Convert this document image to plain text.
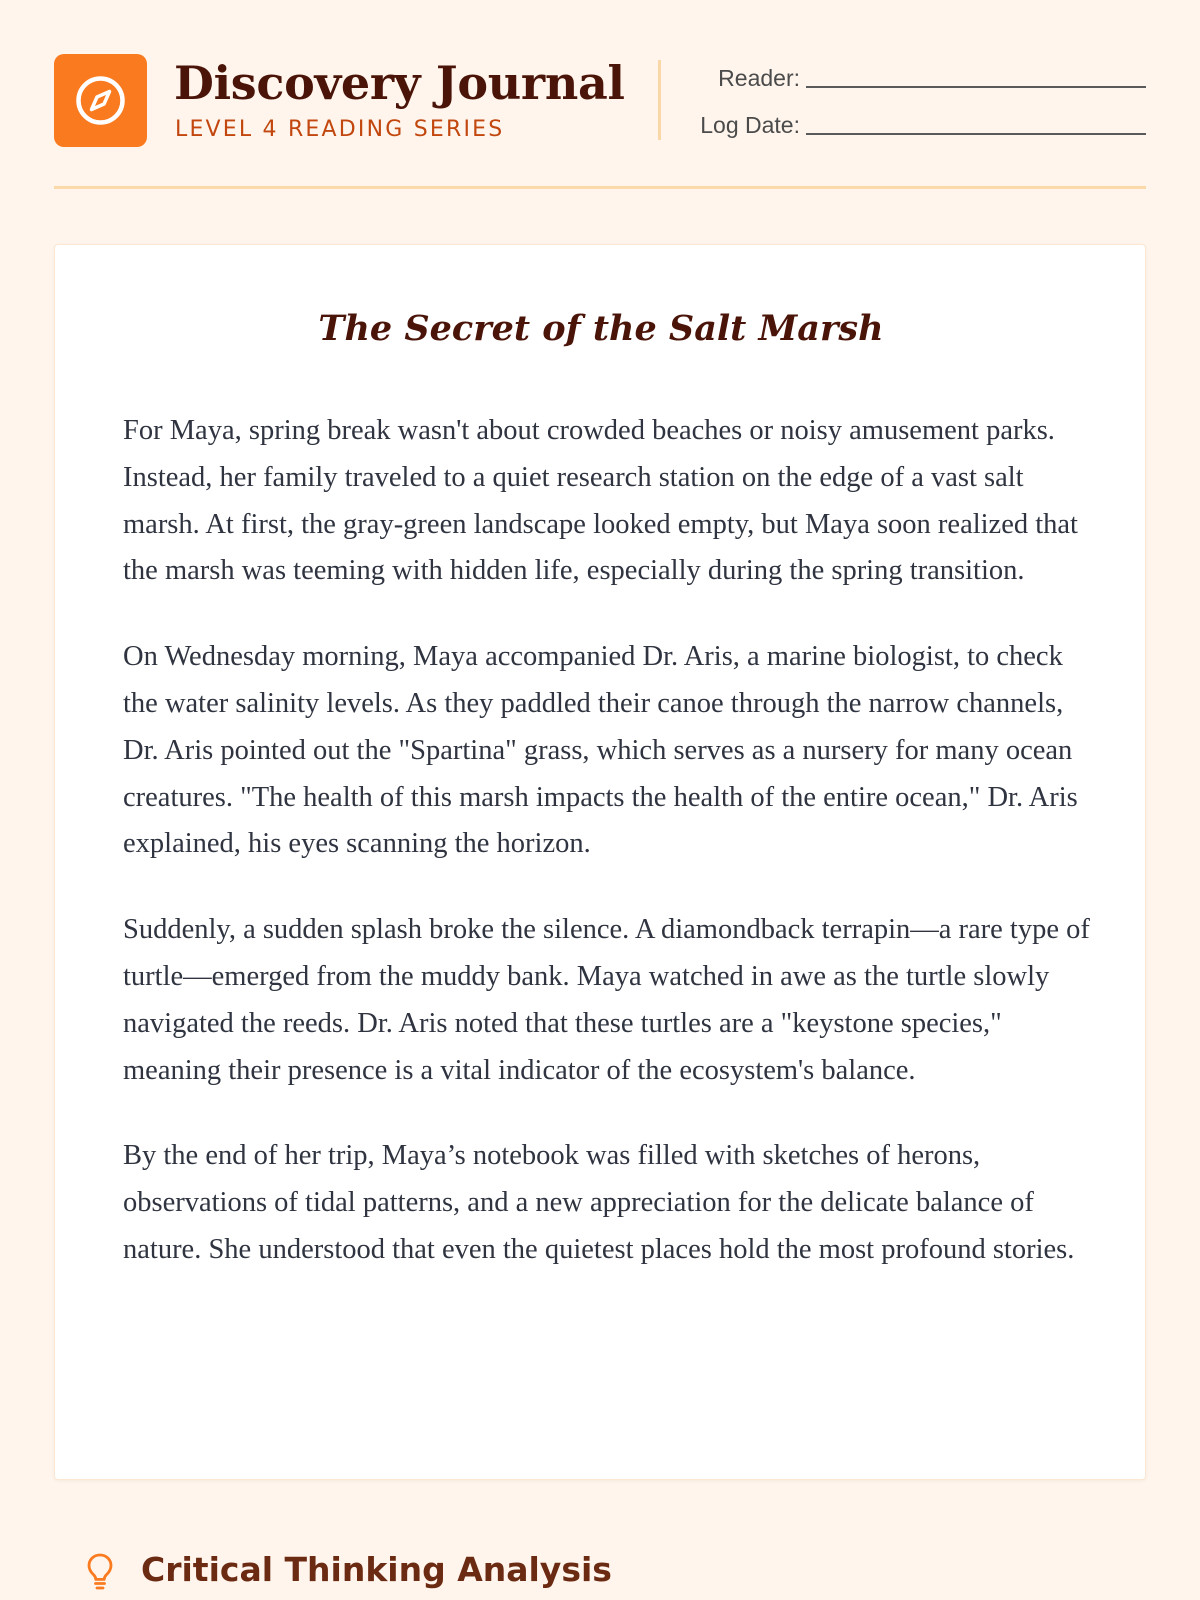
Discovery Journal
LEVEL 4 READING SERIES
Reader:
Log Date:
The Secret of the Salt Marsh

For Maya, spring break wasn't about crowded beaches or noisy amusement parks. Instead, her family traveled to a quiet research station on the edge of a vast salt marsh. At first, the gray-green landscape looked empty, but Maya soon realized that the marsh was teeming with hidden life, especially during the spring transition.

On Wednesday morning, Maya accompanied Dr. Aris, a marine biologist, to check the water salinity levels. As they paddled their canoe through the narrow channels, Dr. Aris pointed out the "Spartina" grass, which serves as a nursery for many ocean creatures. "The health of this marsh impacts the health of the entire ocean," Dr. Aris explained, his eyes scanning the horizon.

Suddenly, a sudden splash broke the silence. A diamondback terrapin—a rare type of turtle—emerged from the muddy bank. Maya watched in awe as the turtle slowly navigated the reeds. Dr. Aris noted that these turtles are a "keystone species," meaning their presence is a vital indicator of the ecosystem's balance.

By the end of her trip, Maya’s notebook was filled with sketches of herons, observations of tidal patterns, and a new appreciation for the delicate balance of nature. She understood that even the quietest places hold the most profound stories.

Critical Thinking Analysis
